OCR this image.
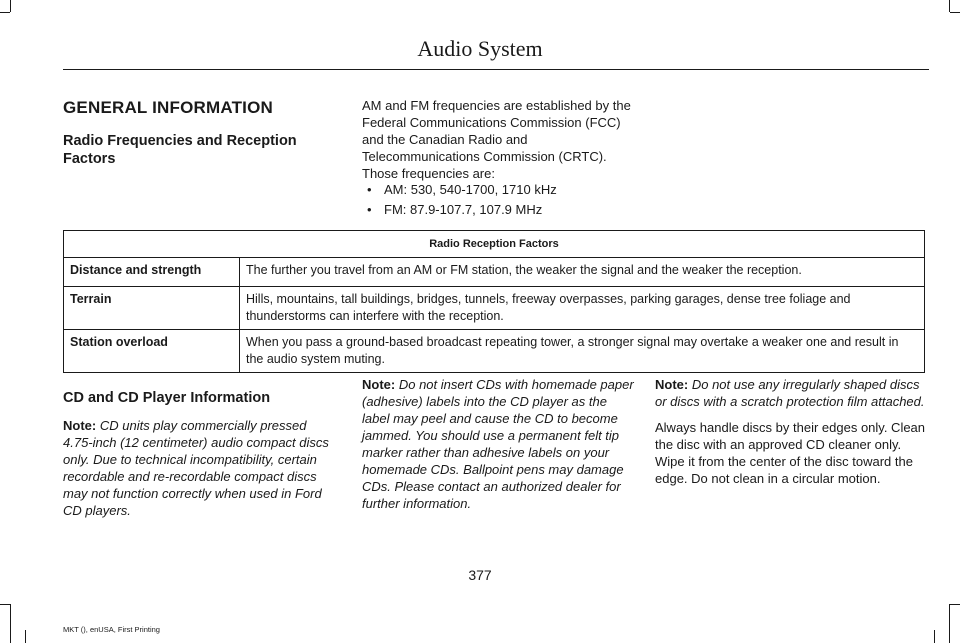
Audio System
GENERAL INFORMATION
Radio Frequencies and Reception Factors

AM and FM frequencies are established by the Federal Communications Commission (FCC) and the Canadian Radio and Telecommunications Commission (CRTC). Those frequencies are:

• AM: 530, 540-1700, 1710 kHz
• FM: 87.9-107.7, 107.9 MHz
Radio Reception Factors	
Distance and strength	The further you travel from an AM or FM station, the weaker the signal and the weaker the reception.
Terrain	Hills, mountains, tall buildings, bridges, tunnels, freeway overpasses, parking garages, dense tree foliage and thunderstorms can interfere with the reception.
Station overload	When you pass a ground-based broadcast repeating tower, a stronger signal may overtake a weaker one and result in the audio system muting.

CD and CD Player Information

Note: CD units play commercially pressed 4.75-inch (12 centimeter) audio compact discs only. Due to technical incompatibility, certain recordable and re-recordable compact discs may not function correctly when used in Ford CD players.

Note: Do not insert CDs with homemade paper (adhesive) labels into the CD player as the label may peel and cause the CD to become jammed. You should use a permanent felt tip marker rather than adhesive labels on your homemade CDs. Ballpoint pens may damage CDs. Please contact an authorized dealer for further information.

Note: Do not use any irregularly shaped discs or discs with a scratch protection film attached.

Always handle discs by their edges only. Clean the disc with an approved CD cleaner only. Wipe it from the center of the disc toward the edge. Do not clean in a circular motion.

377
MKT (), enUSA, First Printing
